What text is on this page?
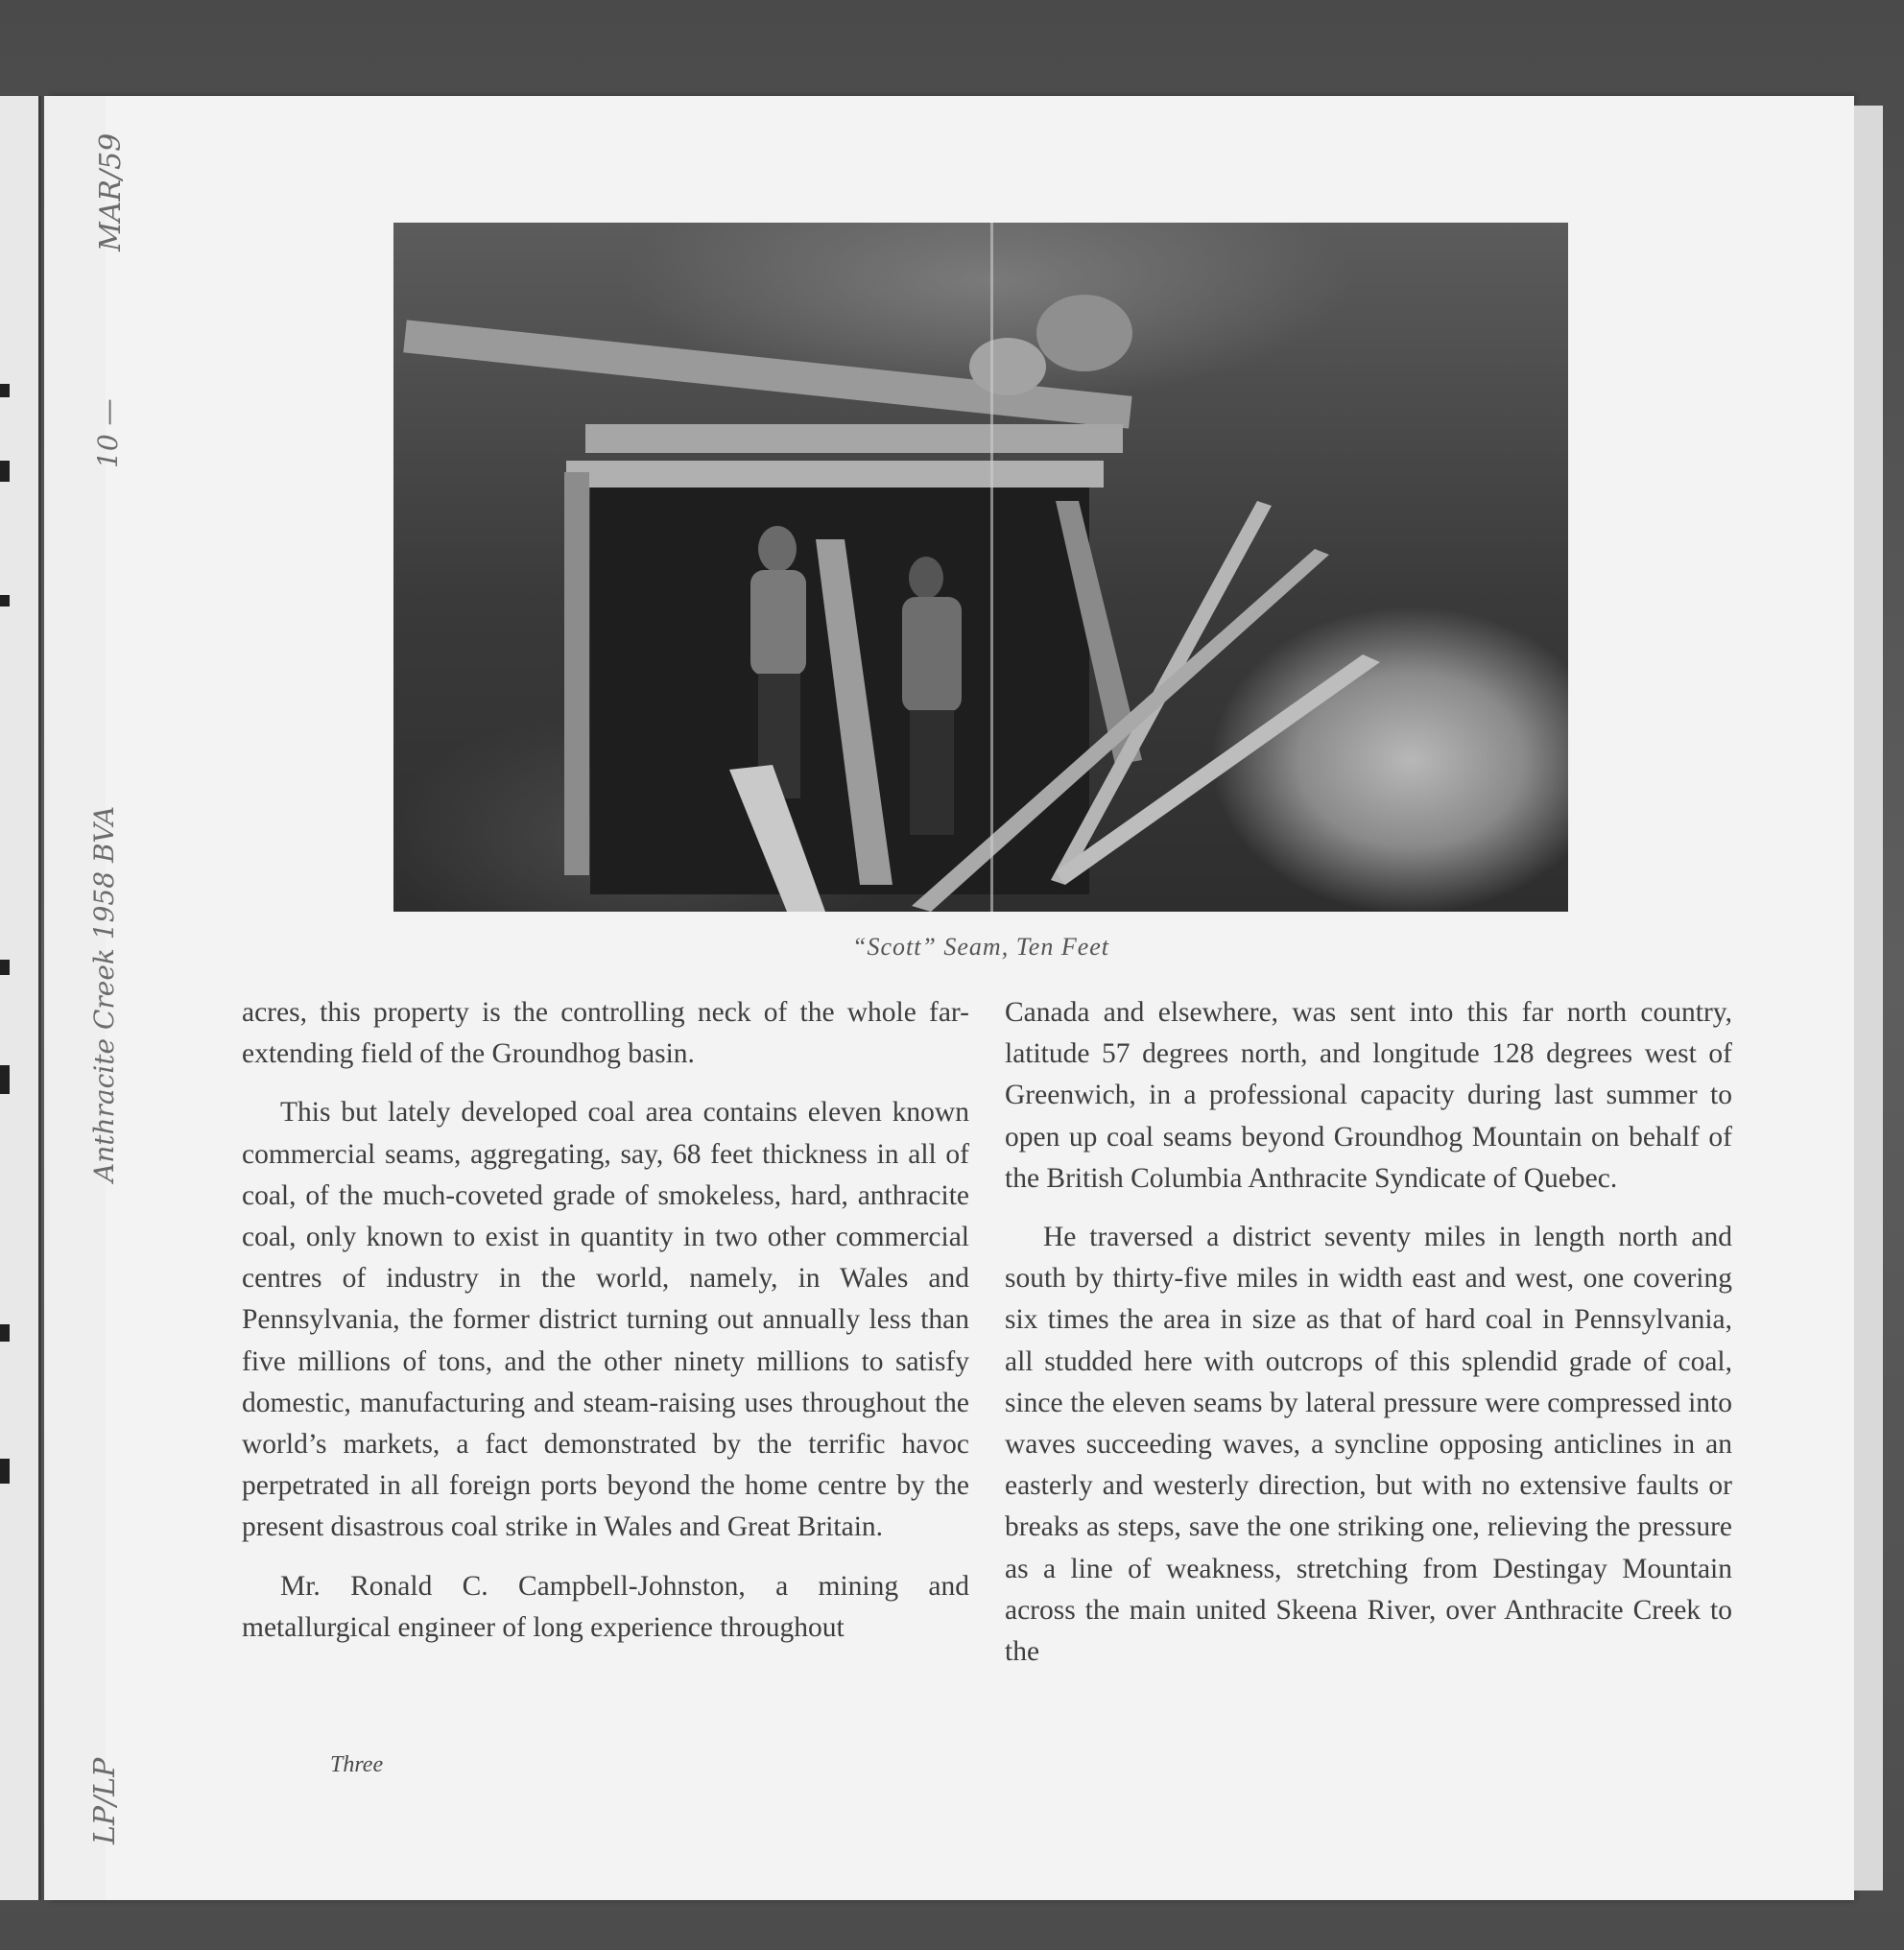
MAR/59
10 —
Anthracite Creek 1958 BVA
LP/LP
“Scott” Seam, Ten Feet

acres, this property is the controlling neck of the whole far-extending field of the Groundhog basin.

This but lately developed coal area contains eleven known commercial seams, aggregating, say, 68 feet thickness in all of coal, of the much-coveted grade of smokeless, hard, anthracite coal, only known to exist in quantity in two other commercial centres of industry in the world, namely, in Wales and Pennsylvania, the former district turning out annually less than five millions of tons, and the other ninety millions to satisfy domestic, manufacturing and steam-raising uses throughout the world’s markets, a fact demonstrated by the terrific havoc perpetrated in all foreign ports beyond the home centre by the present disastrous coal strike in Wales and Great Britain.

Mr. Ronald C. Campbell-Johnston, a mining and metallurgical engineer of long experience throughout

Canada and elsewhere, was sent into this far north country, latitude 57 degrees north, and longitude 128 degrees west of Greenwich, in a professional capacity during last summer to open up coal seams beyond Groundhog Mountain on behalf of the British Columbia Anthracite Syndicate of Quebec.

He traversed a district seventy miles in length north and south by thirty-five miles in width east and west, one covering six times the area in size as that of hard coal in Pennsylvania, all studded here with outcrops of this splendid grade of coal, since the eleven seams by lateral pressure were compressed into waves succeeding waves, a syncline opposing anticlines in an easterly and westerly direction, but with no extensive faults or breaks as steps, save the one striking one, relieving the pressure as a line of weakness, stretching from Destingay Mountain across the main united Skeena River, over Anthracite Creek to the

Three
